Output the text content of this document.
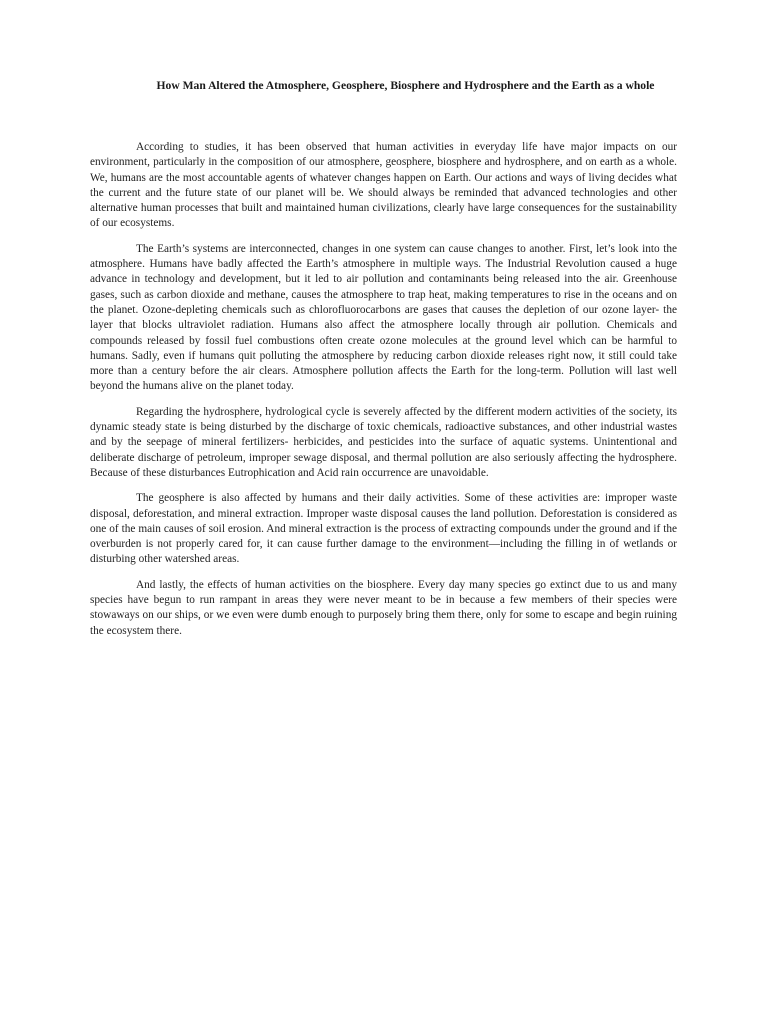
How Man Altered the Atmosphere, Geosphere, Biosphere and Hydrosphere and the Earth as a whole

According to studies, it has been observed that human activities in everyday life have major impacts on our environment, particularly in the composition of our atmosphere, geosphere, biosphere and hydrosphere, and on earth as a whole. We, humans are the most accountable agents of whatever changes happen on Earth. Our actions and ways of living decides what the current and the future state of our planet will be. We should always be reminded that advanced technologies and other alternative human processes that built and maintained human civilizations, clearly have large consequences for the sustainability of our ecosystems.

The Earth’s systems are interconnected, changes in one system can cause changes to another. First, let’s look into the atmosphere. Humans have badly affected the Earth’s atmosphere in multiple ways. The Industrial Revolution caused a huge advance in technology and development, but it led to air pollution and contaminants being released into the air. Greenhouse gases, such as carbon dioxide and methane, causes the atmosphere to trap heat, making temperatures to rise in the oceans and on the planet. Ozone-depleting chemicals such as chlorofluorocarbons are gases that causes the depletion of our ozone layer- the layer that blocks ultraviolet radiation. Humans also affect the atmosphere locally through air pollution. Chemicals and compounds released by fossil fuel combustions often create ozone molecules at the ground level which can be harmful to humans. Sadly, even if humans quit polluting the atmosphere by reducing carbon dioxide releases right now, it still could take more than a century before the air clears. Atmosphere pollution affects the Earth for the long-term. Pollution will last well beyond the humans alive on the planet today.

Regarding the hydrosphere, hydrological cycle is severely affected by the different modern activities of the society, its dynamic steady state is being disturbed by the discharge of toxic chemicals, radioactive substances, and other industrial wastes and by the seepage of mineral fertilizers- herbicides, and pesticides into the surface of aquatic systems. Unintentional and deliberate discharge of petroleum, improper sewage disposal, and thermal pollution are also seriously affecting the hydrosphere. Because of these disturbances Eutrophication and Acid rain occurrence are unavoidable.

The geosphere is also affected by humans and their daily activities. Some of these activities are: improper waste disposal, deforestation, and mineral extraction. Improper waste disposal causes the land pollution. Deforestation is considered as one of the main causes of soil erosion. And mineral extraction is the process of extracting compounds under the ground and if the overburden is not properly cared for, it can cause further damage to the environment—including the filling in of wetlands or disturbing other watershed areas.

And lastly, the effects of human activities on the biosphere. Every day many species go extinct due to us and many species have begun to run rampant in areas they were never meant to be in because a few members of their species were stowaways on our ships, or we even were dumb enough to purposely bring them there, only for some to escape and begin ruining the ecosystem there.
